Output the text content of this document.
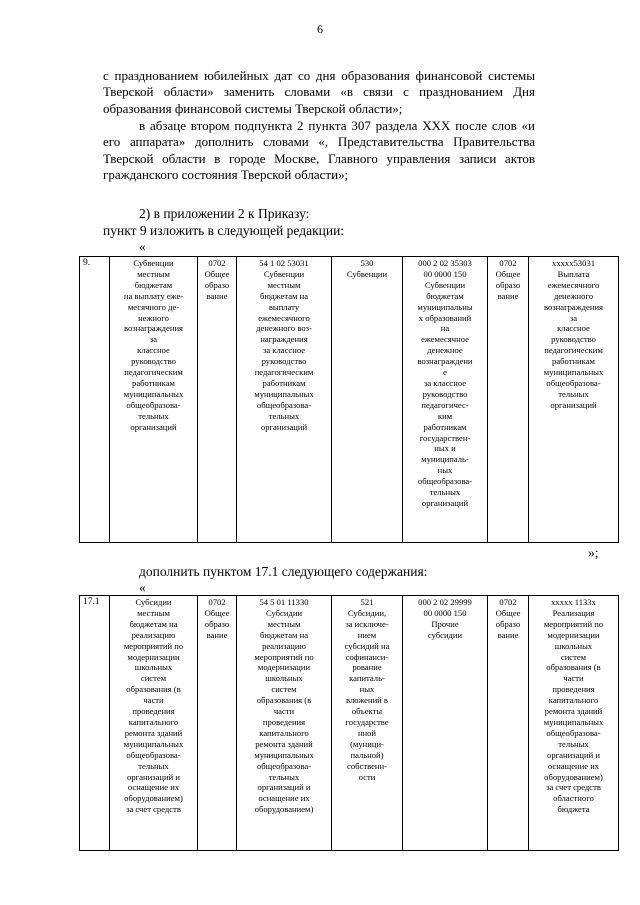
6
с празднованием юбилейных дат со дня образования финансовой системы Тверской области» заменить словами «в связи с празднованием Дня образования финансовой системы Тверской области»;
в абзаце втором подпункта 2 пункта 307 раздела XXX после слов «и его аппарата» дополнить словами «, Представительства Правительства Тверской области в городе Москве, Главного управления записи актов гражданского состояния Тверской области»;
2) в приложении 2 к Приказу:
пункт 9 изложить в следующей редакции:
«
9.	Субвенции
местным
бюджетам
на выплату еже-
месячного де-
нежного
вознаграждения
за
классное
руководство
педагогическим
работникам
муниципальных
общеобразова-
тельных
организаций	0702
Общее
образо
вание	54 1 02 53031
Субвенции
местным
бюджетам на
выплату
ежемесячного
денежного воз-
награждения
за классное
руководство
педагогическим
работникам
муниципальных
общеобразова-
тельных
организаций	530
Субвенции	000 2 02 35303
00 0000 150
Субвенции
бюджетам
муниципальны
х образований
на
ежемесячное
денежное
вознаграждени
е
за классное
руководство
педагогичес-
ким
работникам
государствен-
ных и
муниципаль-
ных
общеобразова-
тельных
организаций	0702
Общее
образо
вание	xxxxx53031
Выплата
ежемесячного
денежного
вознаграждения
за
классное
руководство
педагогическим
работникам
муниципальных
общеобразова-
тельных
организаций
»;
дополнить пунктом 17.1 следующего содержания:
«
17.1	Субсидии
местным
бюджетам на
реализацию
мероприятий по
модернизации
школьных
систем
образования (в
части
проведения
капитального
ремонта зданий
муниципальных
общеобразова-
тельных
организаций и
оснащение их
оборудованием)
за счет средств	0702
Общее
образо
вание	54 5 01 11330
Субсидии
местным
бюджетам на
реализацию
мероприятий по
модернизации
школьных
систем
образования (в
части
проведения
капитального
ремонта зданий
муниципальных
общеобразова-
тельных
организаций и
оснащение их
оборудованием)	521
Субсидии,
за исключе-
нием
субсидий на
софинанси-
рование
капиталь-
ных
вложений в
объекты
государстве
нной
(муници-
пальной)
собственн-
ости	000 2 02 29999
00 0000 150
Прочие
субсидии	0702
Общее
образо
вание	xxxxx 1133x
Реализация
мероприятий по
модернизации
школьных
систем
образования (в
части
проведения
капитального
ремонта зданий
муниципальных
общеобразова-
тельных
организаций и
оснащение их
оборудованием)
за счет средств
областного
бюджета
